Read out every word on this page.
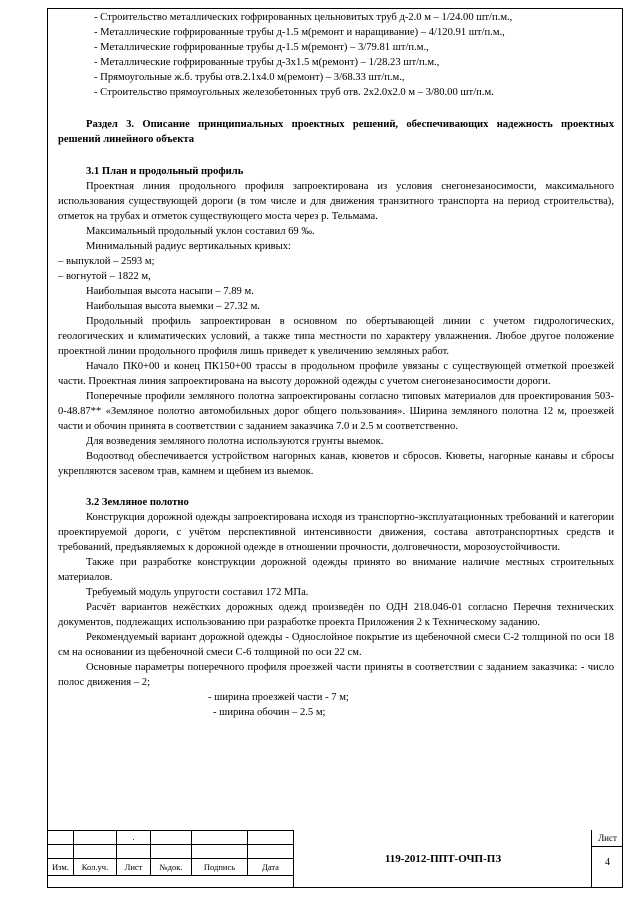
- Строительство металлических гофрированных цельновитых труб д-2.0 м – 1/24.00 шт/п.м.,

- Металлические гофрированные трубы д-1.5 м(ремонт и наращивание) – 4/120.91 шт/п.м.,

- Металлические гофрированные трубы д-1.5 м(ремонт) – 3/79.81 шт/п.м.,

- Металлические гофрированные трубы д-3х1.5 м(ремонт) – 1/28.23 шт/п.м.,

- Прямоугольные ж.б. трубы отв.2.1х4.0 м(ремонт) – 3/68.33 шт/п.м.,

- Строительство прямоугольных железобетонных труб отв. 2х2.0х2.0 м – 3/80.00 шт/п.м.

Раздел 3. Описание принципиальных проектных решений, обеспечивающих надежность проектных решений линейного объекта

3.1 План и продольный профиль

Проектная линия продольного профиля запроектирована из условия снегонезаносимости, максимального использования существующей дороги (в том числе и для движения транзитного транспорта на период строительства), отметок на трубах и отметок существующего моста через р. Тельмама.

Максимальный продольный уклон составил 69 ‰.

Минимальный радиус вертикальных кривых:

– выпуклой – 2593 м;

– вогнутой – 1822 м,

Наибольшая высота насыпи – 7.89 м.

Наибольшая высота выемки – 27.32 м.

Продольный профиль запроектирован в основном по обертывающей линии с учетом гидрологических, геологических и климатических условий, а также типа местности по характеру увлажнения. Любое другое положение проектной линии продольного профиля лишь приведет к увеличению земляных работ.

Начало ПК0+00 и конец ПК150+00 трассы в продольном профиле увязаны с существующей отметкой проезжей части. Проектная линия запроектирована на высоту дорожной одежды с учетом снегонезаносимости дороги.

Поперечные профили земляного полотна запроектированы согласно типовых материалов для проектирования 503-0-48.87** «Земляное полотно автомобильных дорог общего пользования». Ширина земляного полотна 12 м, проезжей части и обочин принята в соответствии с заданием заказчика 7.0 и 2.5 м соответственно.

Для возведения земляного полотна используются грунты выемок.

Водоотвод обеспечивается устройством нагорных канав, кюветов и сбросов. Кюветы, нагорные канавы и сбросы укрепляются засевом трав, камнем и щебнем из выемок.

3.2 Земляное полотно

Конструкция дорожной одежды запроектирована исходя из транспортно-эксплуатационных требований и категории проектируемой дороги, с учётом перспективной интенсивности движения, состава автотранспортных средств и требований, предъявляемых к дорожной одежде в отношении прочности, долговечности, морозоустойчивости.

Также при разработке конструкции дорожной одежды принято во внимание наличие местных строительных материалов.

Требуемый модуль упругости составил 172 МПа.

Расчёт вариантов нежёстких дорожных одежд произведён по ОДН 218.046-01 согласно Перечня технических документов, подлежащих использованию при разработке проекта Приложения 2 к Техническому заданию.

Рекомендуемый вариант дорожной одежды - Однослойное покрытие из щебеночной смеси С-2 толщиной по оси 18 см на основании из щебеночной смеси С-6 толщиной по оси 22 см.

Основные параметры поперечного профиля проезжей части приняты в соответствии с заданием заказчика: - число полос движения – 2;

- ширина проезжей части - 7 м;

- ширина обочин – 2.5 м;

		.			

Изм.	Кол.уч.	Лист	№док.	Подпись	Дата
119-2012-ППТ-ОЧП-ПЗ
Лист
4
